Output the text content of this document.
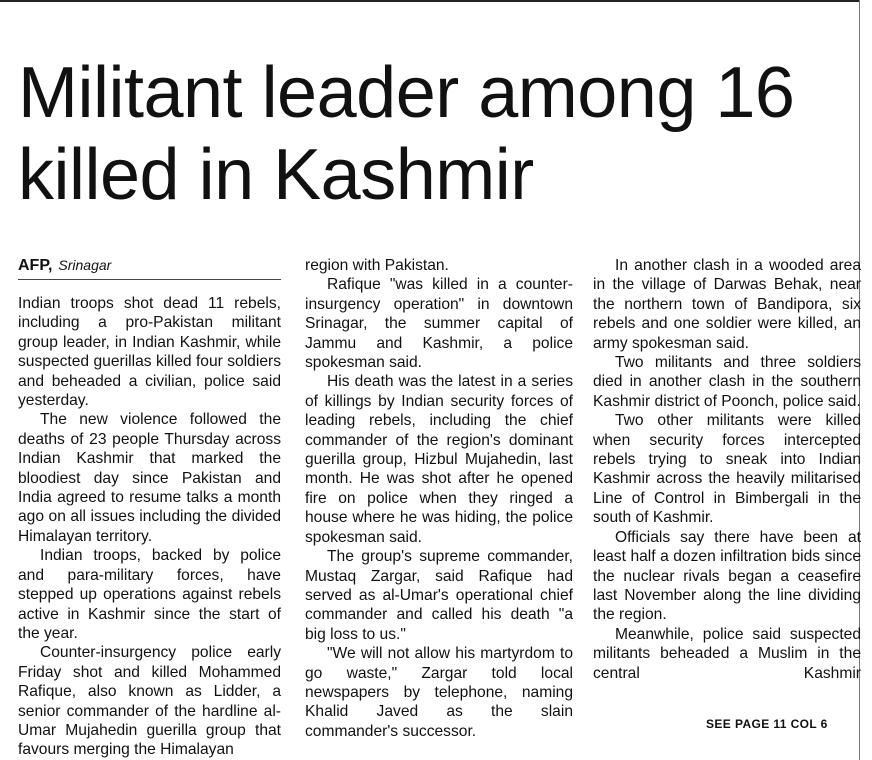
Militant leader among 16 killed in Kashmir
AFP, Srinagar

Indian troops shot dead 11 rebels, including a pro-Pakistan militant group leader, in Indian Kashmir, while suspected guerillas killed four soldiers and beheaded a civilian, police said yesterday.

The new violence followed the deaths of 23 people Thursday across Indian Kashmir that marked the bloodiest day since Pakistan and India agreed to resume talks a month ago on all issues including the divided Himalayan territory.

Indian troops, backed by police and para-military forces, have stepped up operations against rebels active in Kashmir since the start of the year.

Counter-insurgency police early Friday shot and killed Mohammed Rafique, also known as Lidder, a senior commander of the hardline al-Umar Mujahedin guerilla group that favours merging the Himalayan

region with Pakistan.

Rafique "was killed in a counter-insurgency operation" in downtown Srinagar, the summer capital of Jammu and Kashmir, a police spokesman said.

His death was the latest in a series of killings by Indian security forces of leading rebels, including the chief commander of the region's dominant guerilla group, Hizbul Mujahedin, last month. He was shot after he opened fire on police when they ringed a house where he was hiding, the police spokesman said.

The group's supreme commander, Mustaq Zargar, said Rafique had served as al-Umar's operational chief commander and called his death "a big loss to us."

"We will not allow his martyrdom to go waste," Zargar told local newspapers by telephone, naming Khalid Javed as the slain commander's successor.

In another clash in a wooded area in the village of Darwas Behak, near the northern town of Bandipora, six rebels and one soldier were killed, an army spokesman said.

Two militants and three soldiers died in another clash in the southern Kashmir district of Poonch, police said.

Two other militants were killed when security forces intercepted rebels trying to sneak into Indian Kashmir across the heavily militarised Line of Control in Bimbergali in the south of Kashmir.

Officials say there have been at least half a dozen infiltration bids since the nuclear rivals began a ceasefire last November along the line dividing the region.

Meanwhile, police said suspected militants beheaded a Muslim in the central Kashmir

SEE PAGE 11 COL 6
